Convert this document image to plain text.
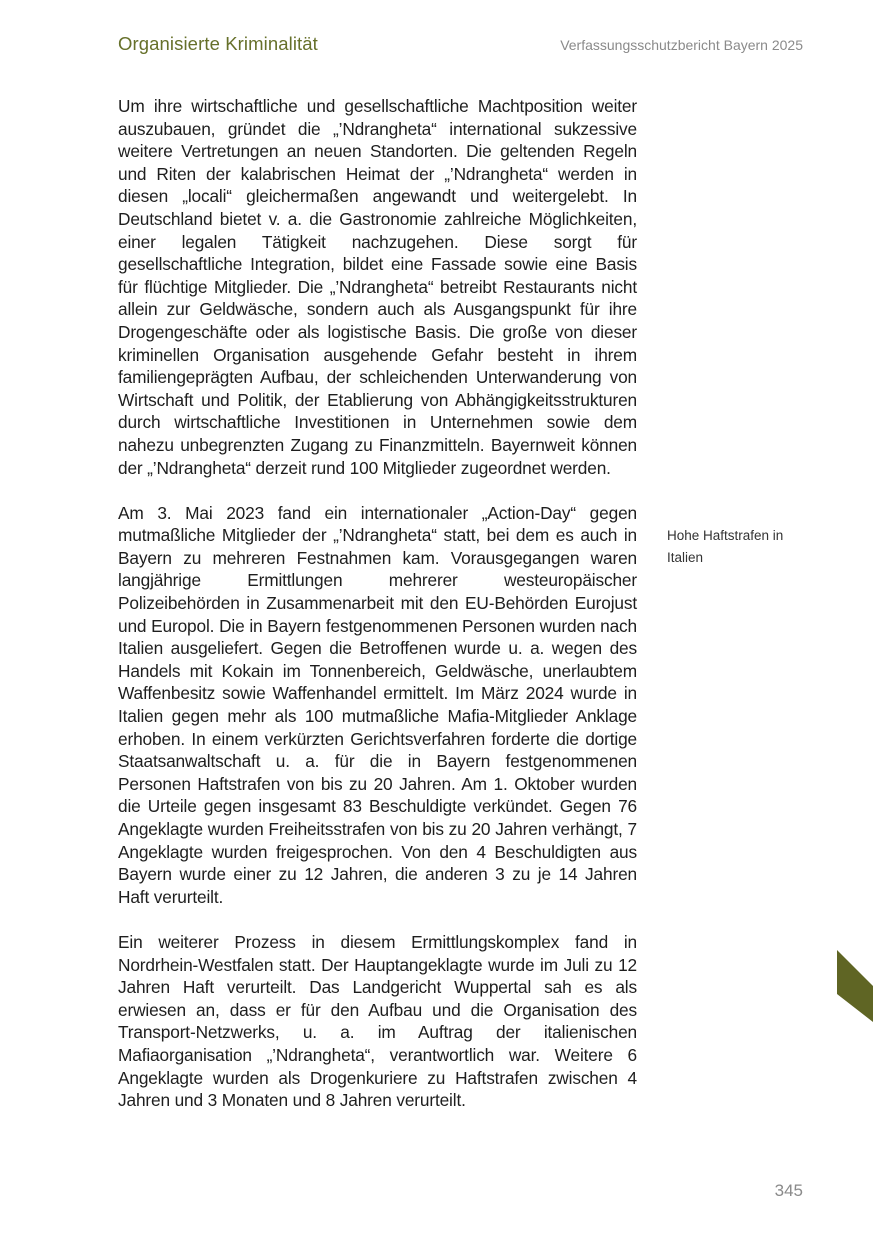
Organisierte Kriminalität	Verfassungsschutzbericht Bayern 2025

Um ihre wirtschaftliche und gesellschaftliche Machtposition weiter auszubauen, gründet die „’Ndrangheta“ international sukzessive weitere Vertretungen an neuen Standorten. Die geltenden Regeln und Riten der kalabrischen Heimat der „’Ndrangheta“ werden in diesen „locali“ gleichermaßen angewandt und weitergelebt. In Deutschland bietet v. a. die Gastronomie zahlreiche Möglichkeiten, einer legalen Tätigkeit nachzugehen. Diese sorgt für gesellschaftliche Integration, bildet eine Fassade sowie eine Basis für flüchtige Mitglieder. Die „’Ndrangheta“ betreibt Restaurants nicht allein zur Geldwäsche, sondern auch als Ausgangspunkt für ihre Drogengeschäfte oder als logistische Basis. Die große von dieser kriminellen Organisation ausgehende Gefahr besteht in ihrem familiengeprägten Aufbau, der schleichenden Unterwanderung von Wirtschaft und Politik, der Etablierung von Abhängigkeitsstrukturen durch wirtschaftliche Investitionen in Unternehmen sowie dem nahezu unbegrenzten Zugang zu Finanzmitteln. Bayernweit können der „’Ndrangheta“ derzeit rund 100 Mitglieder zugeordnet werden.

Am 3. Mai 2023 fand ein internationaler „Action-Day“ gegen mutmaßliche Mitglieder der „’Ndrangheta“ statt, bei dem es auch in Bayern zu mehreren Festnahmen kam. Vorausgegangen waren langjährige Ermittlungen mehrerer westeuropäischer Polizeibehörden in Zusammenarbeit mit den EU-Behörden Eurojust und Europol. Die in Bayern festgenommenen Personen wurden nach Italien ausgeliefert. Gegen die Betroffenen wurde u. a. wegen des Handels mit Kokain im Tonnenbereich, Geldwäsche, unerlaubtem Waffenbesitz sowie Waffenhandel ermittelt. Im März 2024 wurde in Italien gegen mehr als 100 mutmaßliche Mafia-Mitglieder Anklage erhoben. In einem verkürzten Gerichtsverfahren forderte die dortige Staatsanwaltschaft u. a. für die in Bayern festgenommenen Personen Haftstrafen von bis zu 20 Jahren. Am 1. Oktober wurden die Urteile gegen insgesamt 83 Beschuldigte verkündet. Gegen 76 Angeklagte wurden Freiheitsstrafen von bis zu 20 Jahren verhängt, 7 Angeklagte wurden freigesprochen. Von den 4 Beschuldigten aus Bayern wurde einer zu 12 Jahren, die anderen 3 zu je 14 Jahren Haft verurteilt.

Ein weiterer Prozess in diesem Ermittlungskomplex fand in Nordrhein-Westfalen statt. Der Hauptangeklagte wurde im Juli zu 12 Jahren Haft verurteilt. Das Landgericht Wuppertal sah es als erwiesen an, dass er für den Aufbau und die Organisation des Transport-Netzwerks, u. a. im Auftrag der italienischen Mafiaorganisation „’Ndrangheta“, verantwortlich war. Weitere 6 Angeklagte wurden als Drogenkuriere zu Haftstrafen zwischen 4 Jahren und 3 Monaten und 8 Jahren verurteilt.

Hohe Haftstrafen in Italien
345
